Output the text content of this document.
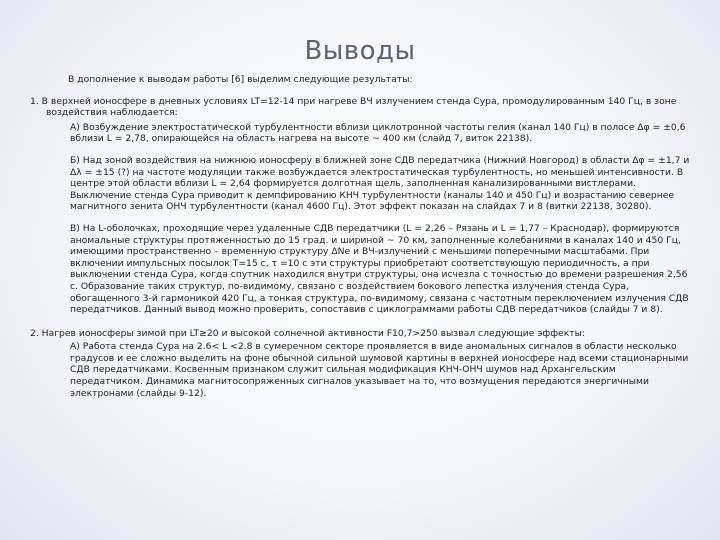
Выводы

В дополнение к выводам работы [6] выделим следующие результаты:

1. В верхней ионосфере в дневных условиях LT=12-14 при нагреве ВЧ излучением стенда Сура, промодулированным 140 Гц, в зоне воздействия наблюдается:

А) Возбуждение электростатической турбулентности вблизи циклотронной частоты гелия (канал 140 Гц) в полосе Δφ = ±0,6 вблизи L = 2,78, опирающейся на область нагрева на высоте ~ 400 км (слайд 7, виток 22138).

Б) Над зоной воздействия на нижнюю ионосферу в ближней зоне СДВ передатчика (Нижний Новгород) в области Δφ = ±1,7 и Δλ = ±15 (?) на частоте модуляции также возбуждается электростатическая турбулентность, но меньшей интенсивности. В центре этой области вблизи L = 2,64 формируется долготная щель, заполненная канализированными вистлерами. Выключение стенда Сура приводит к демпфированию КНЧ турбулентности (каналы 140 и 450 Гц) и возрастанию севернее магнитного зенита ОНЧ турбулентности (канал 4600 Гц). Этот эффект показан на слайдах 7 и 8 (витки 22138, 30280).

В) На L-оболочках, проходящие через удаленные СДВ передатчики (L = 2,26 – Рязань и L = 1,77 – Краснодар), формируются аномальные структуры протяженностью до 15 град. и шириной ~ 70 км, заполненные колебаниями в каналах 140 и 450 Гц, имеющими пространственно – временную структуру ΔNe и ВЧ-излучений с меньшими поперечными масштабами. При включении импульсных посылок T=15 с, τ =10 с эти структуры приобретают соответствующую периодичность, а при выключении стенда Сура, когда спутник находился внутри структуры, она исчезла с точностью до времени разрешения 2,56 с. Образование таких структур, по-видимому, связано с воздействием бокового лепестка излучения стенда Сура, обогащенного 3-й гармоникой 420 Гц, а тонкая структура, по-видимому, связана с частотным переключением излучения СДВ передатчиков. Данный вывод можно проверить, сопоставив с циклограммами работы СДВ передатчиков (слайды 7 и 8).

2. Нагрев ионосферы зимой при LT≥20 и высокой солнечной активности F10,7>250 вызвал следующие эффекты:

А) Работа стенда Сура на 2.6< L <2.8 в сумеречном секторе проявляется в виде аномальных сигналов в области несколько градусов и ее сложно выделить на фоне обычной сильной шумовой картины в верхней ионосфере над всеми стационарными СДВ передатчиками. Косвенным признаком служит сильная модификация КНЧ-ОНЧ шумов над Архангельским передатчиком. Динамика магнитосопряженных сигналов указывает на то, что возмущения передаются энергичными электронами (слайды 9-12).
